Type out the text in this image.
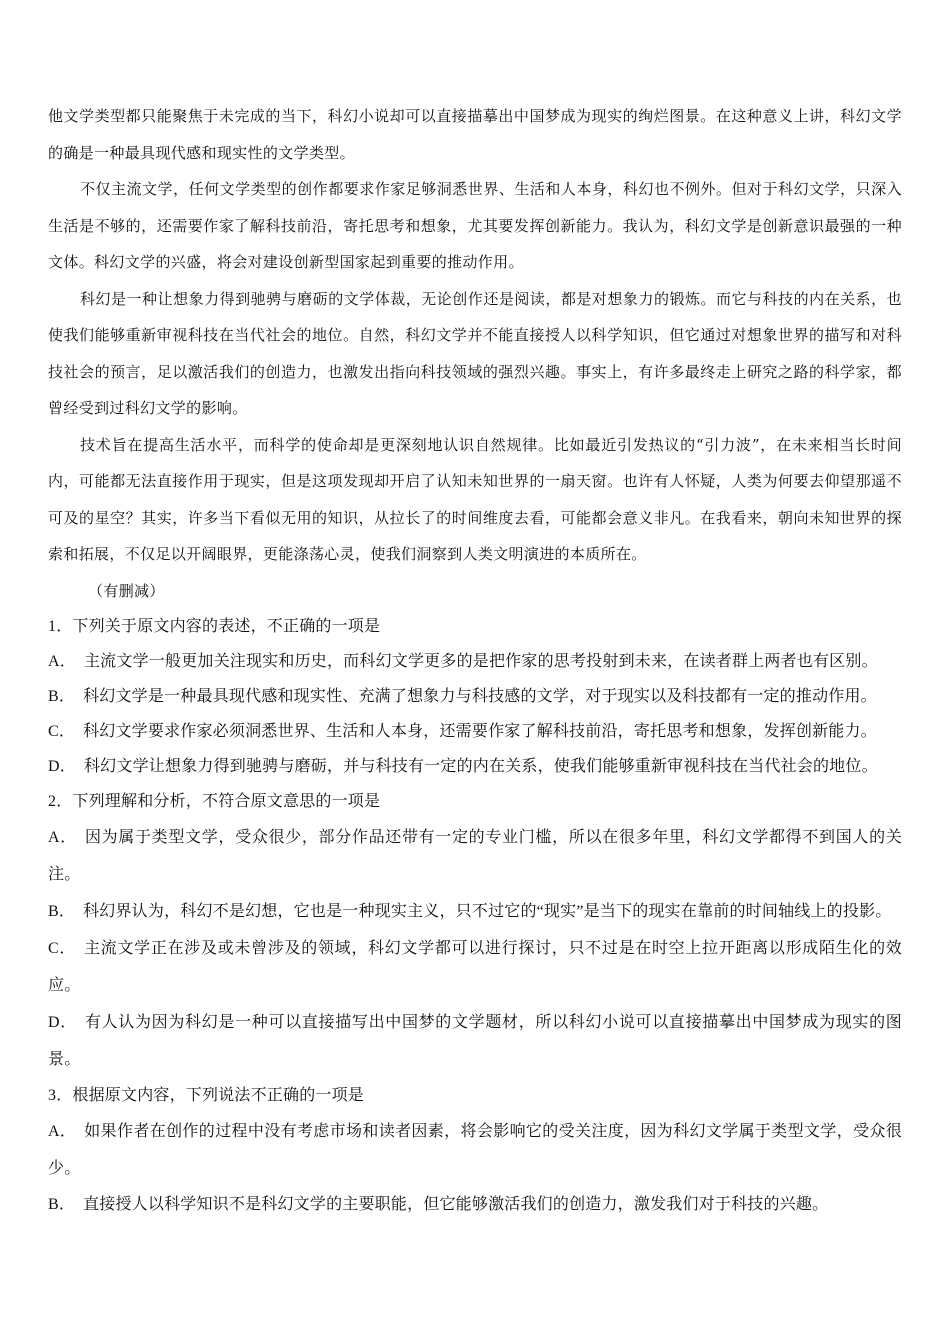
他文学类型都只能聚焦于未完成的当下，科幻小说却可以直接描摹出中国梦成为现实的绚烂图景。在这种意义上讲，科幻文学的确是一种最具现代感和现实性的文学类型。

不仅主流文学，任何文学类型的创作都要求作家足够洞悉世界、生活和人本身，科幻也不例外。但对于科幻文学，只深入生活是不够的，还需要作家了解科技前沿，寄托思考和想象，尤其要发挥创新能力。我认为，科幻文学是创新意识最强的一种文体。科幻文学的兴盛，将会对建设创新型国家起到重要的推动作用。

科幻是一种让想象力得到驰骋与磨砺的文学体裁，无论创作还是阅读，都是对想象力的锻炼。而它与科技的内在关系，也使我们能够重新审视科技在当代社会的地位。自然，科幻文学并不能直接授人以科学知识，但它通过对想象世界的描写和对科技社会的预言，足以激活我们的创造力，也激发出指向科技领域的强烈兴趣。事实上，有许多最终走上研究之路的科学家，都曾经受到过科幻文学的影响。

技术旨在提高生活水平，而科学的使命却是更深刻地认识自然规律。比如最近引发热议的“引力波”，在未来相当长时间内，可能都无法直接作用于现实，但是这项发现却开启了认知未知世界的一扇天窗。也许有人怀疑，人类为何要去仰望那遥不可及的星空？其实，许多当下看似无用的知识，从拉长了的时间维度去看，可能都会意义非凡。在我看来，朝向未知世界的探索和拓展，不仅足以开阔眼界，更能涤荡心灵，使我们洞察到人类文明演进的本质所在。

（有删减）

1．下列关于原文内容的表述，不正确的一项是

A． 主流文学一般更加关注现实和历史，而科幻文学更多的是把作家的思考投射到未来，在读者群上两者也有区别。

B． 科幻文学是一种最具现代感和现实性、充满了想象力与科技感的文学，对于现实以及科技都有一定的推动作用。

C． 科幻文学要求作家必须洞悉世界、生活和人本身，还需要作家了解科技前沿，寄托思考和想象，发挥创新能力。

D． 科幻文学让想象力得到驰骋与磨砺，并与科技有一定的内在关系，使我们能够重新审视科技在当代社会的地位。

2．下列理解和分析，不符合原文意思的一项是

A． 因为属于类型文学，受众很少，部分作品还带有一定的专业门槛，所以在很多年里，科幻文学都得不到国人的关注。

B． 科幻界认为，科幻不是幻想，它也是一种现实主义，只不过它的“现实”是当下的现实在靠前的时间轴线上的投影。

C． 主流文学正在涉及或未曾涉及的领域，科幻文学都可以进行探讨，只不过是在时空上拉开距离以形成陌生化的效应。

D． 有人认为因为科幻是一种可以直接描写出中国梦的文学题材，所以科幻小说可以直接描摹出中国梦成为现实的图景。

3．根据原文内容，下列说法不正确的一项是

A． 如果作者在创作的过程中没有考虑市场和读者因素，将会影响它的受关注度，因为科幻文学属于类型文学，受众很少。

B． 直接授人以科学知识不是科幻文学的主要职能，但它能够激活我们的创造力，激发我们对于科技的兴趣。
